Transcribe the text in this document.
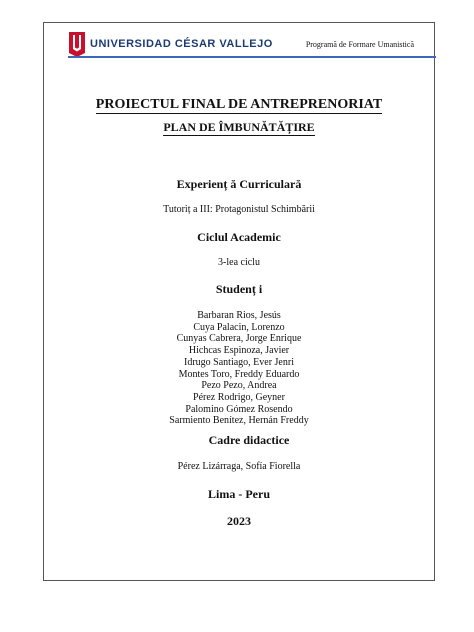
UNIVERSIDAD CÉSAR VALLEJO	Programă de Formare Umanistică
PROIECTUL FINAL DE ANTREPRENORIAT
PLAN DE ÎMBUNĂTĂȚIRE
Experienț ă Curriculară
Tutoriț a III: Protagonistul Schimbării
Ciclul Academic
3-lea ciclu
Studenț i
Barbaran Rios, Jesús
Cuya Palacin, Lorenzo
Cunyas Cabrera, Jorge Enrique
Hichcas Espinoza, Javier
Idrugo Santiago, Ever Jenri
Montes Toro, Freddy Eduardo
Pezo Pezo, Andrea
Pérez Rodrigo, Geyner
Palomino Gómez Rosendo
Sarmiento Benítez, Hernán Freddy
Cadre didactice
Pérez Lizárraga, Sofía Fiorella
Lima - Peru
2023
